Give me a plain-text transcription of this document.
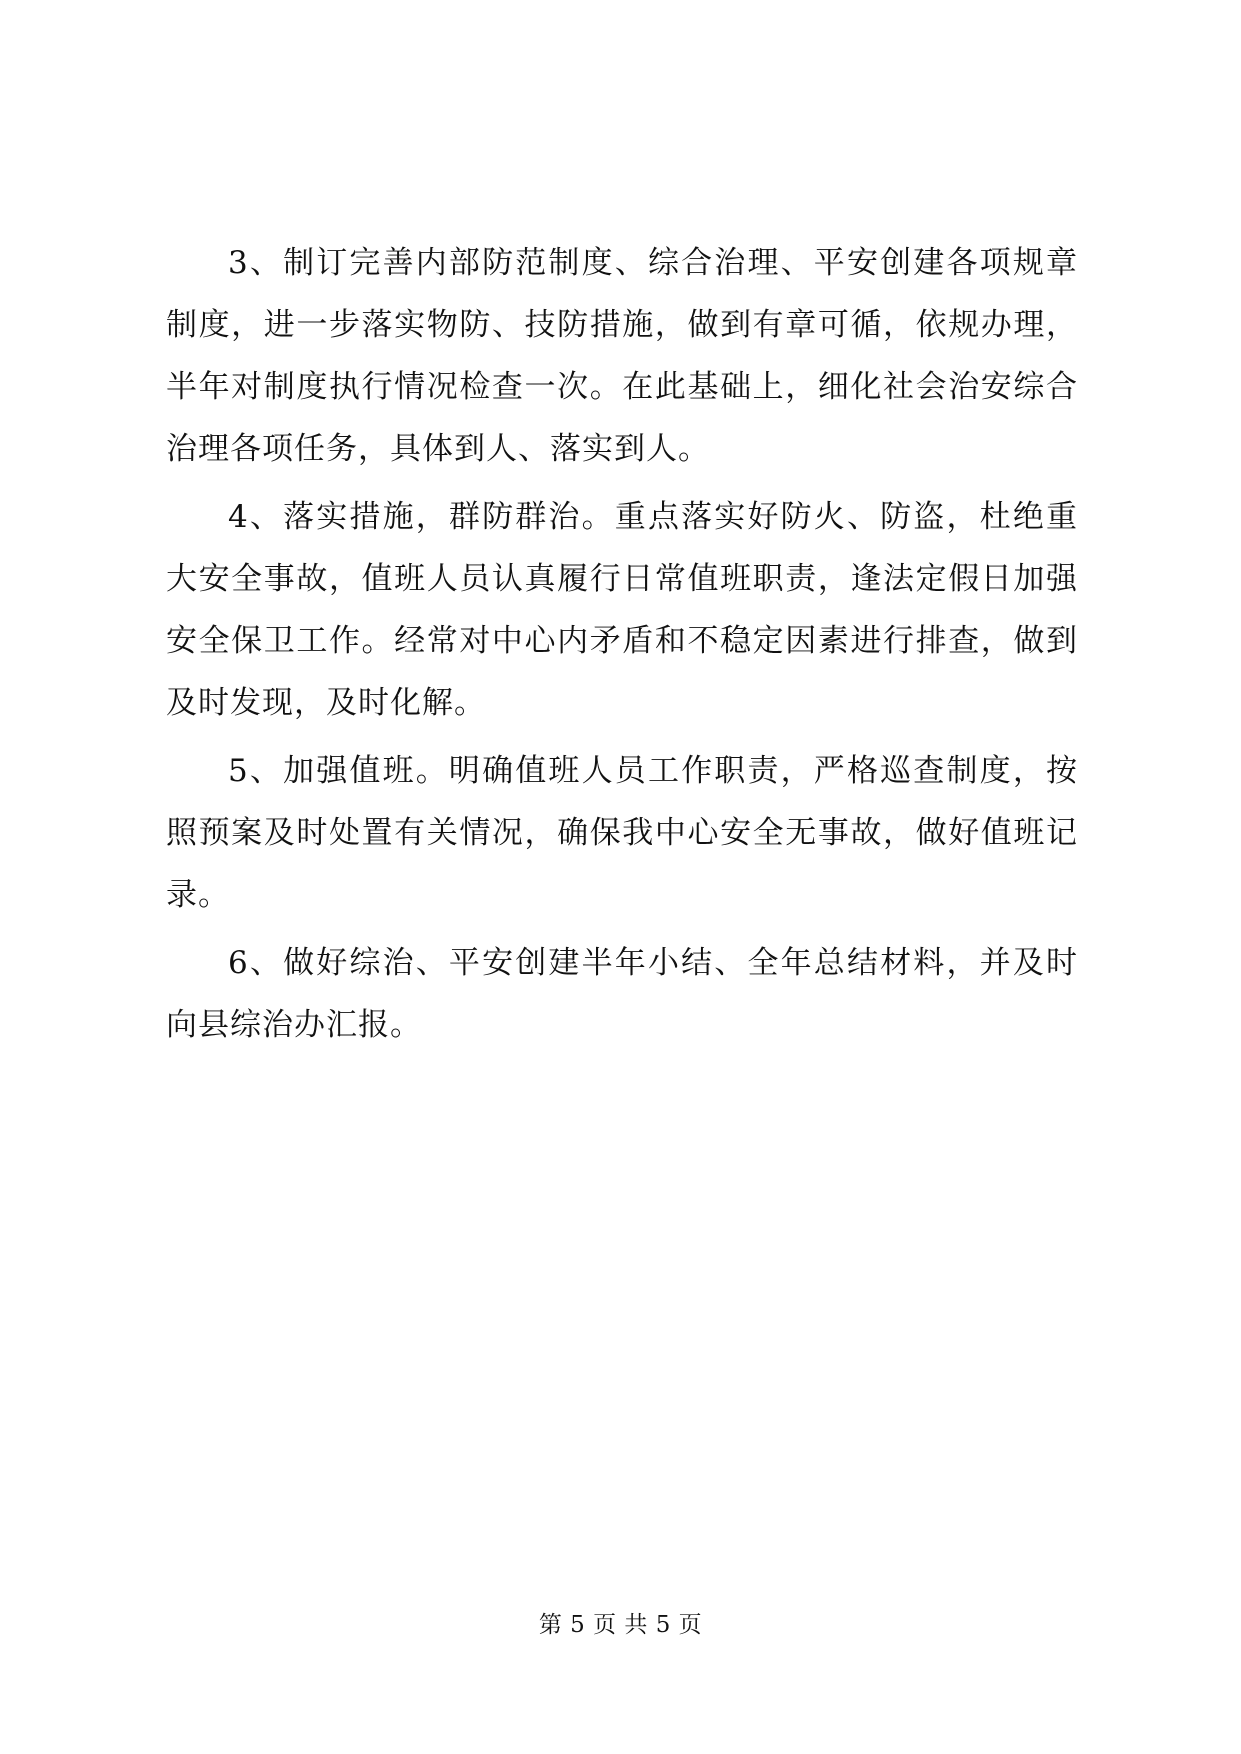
3、制订完善内部防范制度、综合治理、平安创建各项规章制度，进一步落实物防、技防措施，做到有章可循，依规办理，半年对制度执行情况检查一次。在此基础上，细化社会治安综合治理各项任务，具体到人、落实到人。

4、落实措施，群防群治。重点落实好防火、防盗，杜绝重大安全事故，值班人员认真履行日常值班职责，逢法定假日加强安全保卫工作。经常对中心内矛盾和不稳定因素进行排查，做到及时发现，及时化解。

5、加强值班。明确值班人员工作职责，严格巡查制度，按照预案及时处置有关情况，确保我中心安全无事故，做好值班记录。

6、做好综治、平安创建半年小结、全年总结材料，并及时向县综治办汇报。

第 5 页 共 5 页
